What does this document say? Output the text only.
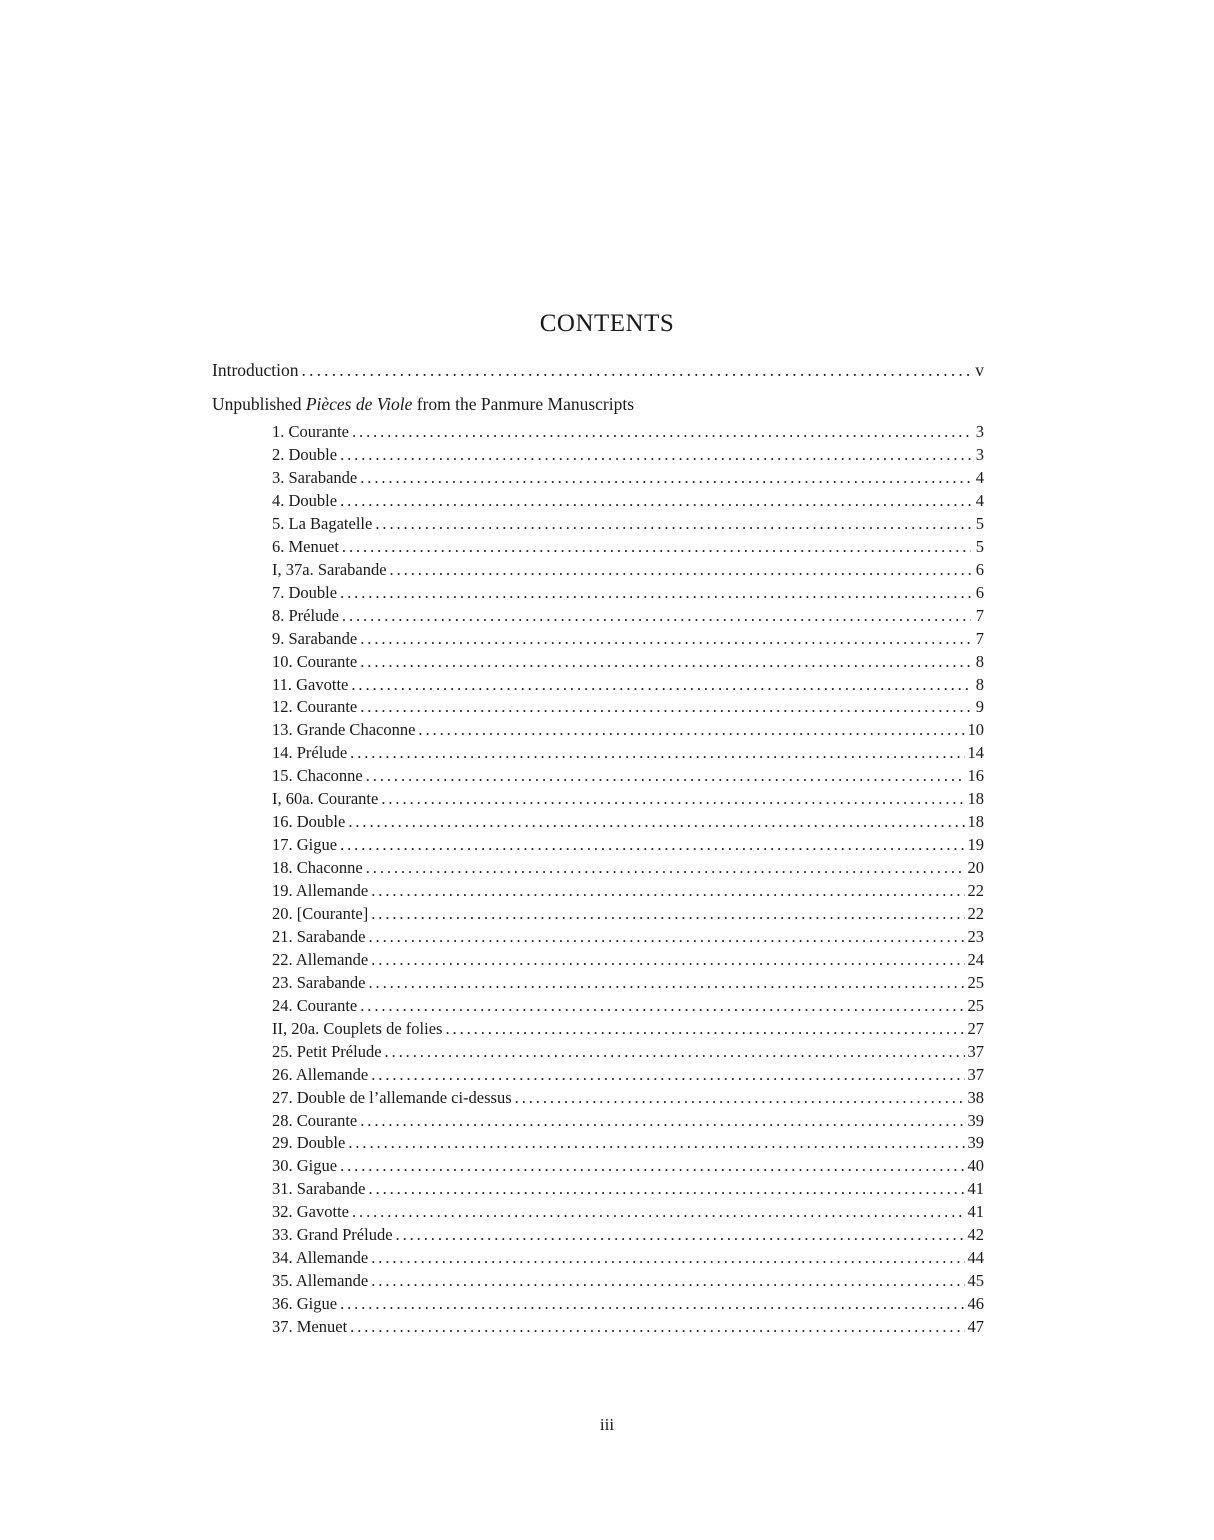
CONTENTS
Introduction . . .	v
Unpublished Pièces de Viole from the Panmure Manuscripts
1. Courante . . .	3
2. Double . . .	3
3. Sarabande . . .	4
4. Double . . .	4
5. La Bagatelle . . .	5
6. Menuet . . .	5
I, 37a. Sarabande . . .	6
7. Double . . .	6
8. Prélude . . .	7
9. Sarabande . . .	7
10. Courante . . .	8
11. Gavotte . . .	8
12. Courante . . .	9
13. Grande Chaconne . . .	10
14. Prélude . . .	14
15. Chaconne . . .	16
I, 60a. Courante . . .	18
16. Double . . .	18
17. Gigue . . .	19
18. Chaconne . . .	20
19. Allemande . . .	22
20. [Courante] . . .	22
21. Sarabande . . .	23
22. Allemande . . .	24
23. Sarabande . . .	25
24. Courante . . .	25
II, 20a. Couplets de folies . . .	27
25. Petit Prélude . . .	37
26. Allemande . . .	37
27. Double de l’allemande ci-dessus . . .	38
28. Courante . . .	39
29. Double . . .	39
30. Gigue . . .	40
31. Sarabande . . .	41
32. Gavotte . . .	41
33. Grand Prélude . . .	42
34. Allemande . . .	44
35. Allemande . . .	45
36. Gigue . . .	46
37. Menuet . . .	47
iii
